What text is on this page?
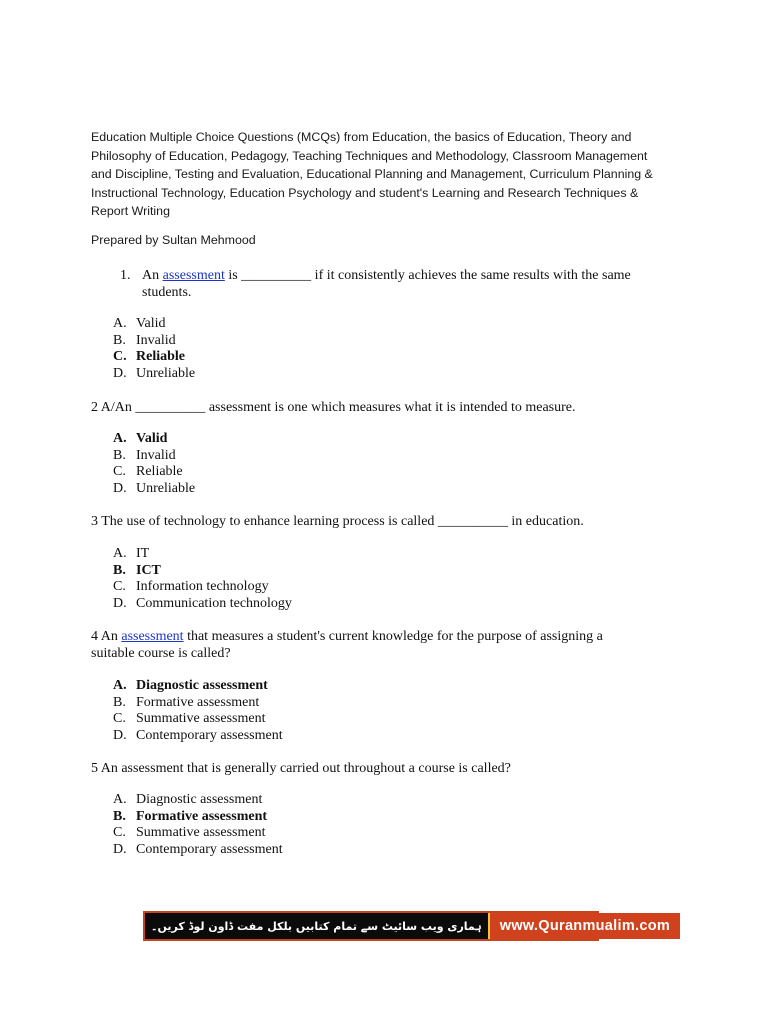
Education Multiple Choice Questions (MCQs) from Education, the basics of Education, Theory and Philosophy of Education, Pedagogy, Teaching Techniques and Methodology, Classroom Management and Discipline, Testing and Evaluation, Educational Planning and Management, Curriculum Planning & Instructional Technology, Education Psychology and student's Learning and Research Techniques & Report Writing
Prepared by Sultan Mehmood
1. An assessment is __________ if it consistently achieves the same results with the same
students.
A. Valid
B. Invalid
C. Reliable
D. Unreliable
2 A/An __________ assessment is one which measures what it is intended to measure.
A. Valid
B. Invalid
C. Reliable
D. Unreliable
3 The use of technology to enhance learning process is called __________ in education.
A. IT
B. ICT
C. Information technology
D. Communication technology
4 An assessment that measures a student's current knowledge for the purpose of assigning a
suitable course is called?
A. Diagnostic assessment
B. Formative assessment
C. Summative assessment
D. Contemporary assessment
5 An assessment that is generally carried out throughout a course is called?
A. Diagnostic assessment
B. Formative assessment
C. Summative assessment
D. Contemporary assessment
ہماری ویب سائیٹ سے تمام کتابیں بلکل مفت ڈاون لوڈ کریں۔	www.Quranmualim.com
